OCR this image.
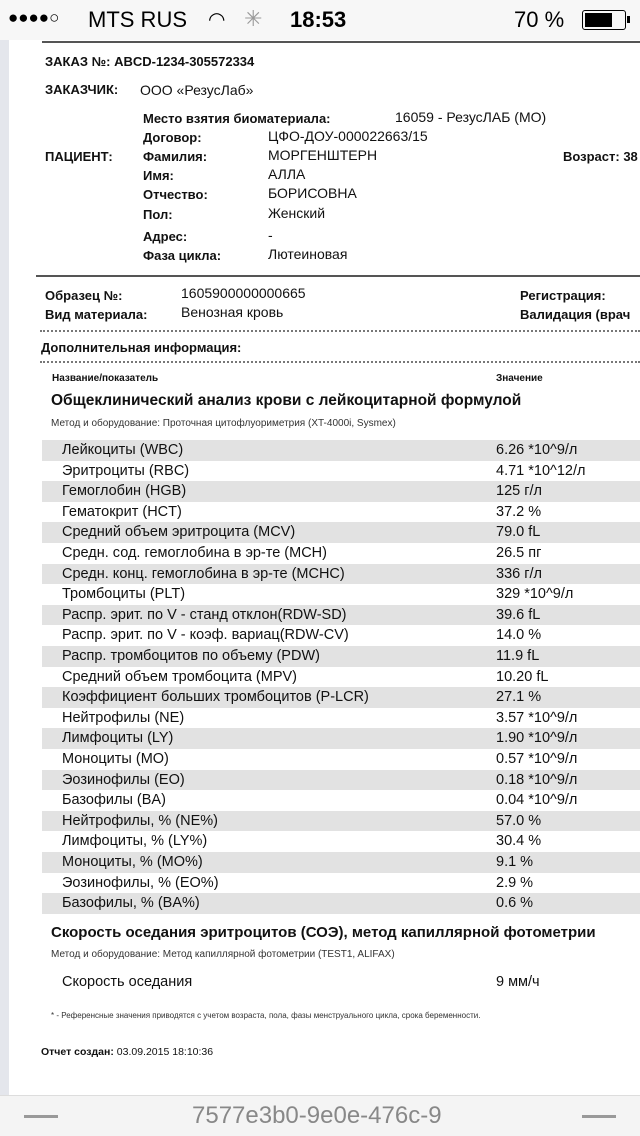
●●●●○ MTS RUS ◠ ✳ 18:53	70 %
ЗАКАЗ №: ABCD-1234-305572334
ЗАКАЗЧИК: ООО «РезусЛаб»
ПАЦИЕНТ:
Место взятия биоматериала:	16059 - РезусЛАБ (МО)
Договор:	ЦФО-ДОУ-000022663/15
Фамилия:	МОРГЕНШТЕРН
Имя:	АЛЛА
Отчество:	БОРИСОВНА
Пол:	Женский
Адрес:	-
Фаза цикла:	Лютеиновая
Возраст: 38
Образец №:	1605900000000665
Вид материала: Венозная кровь
Регистрация:
Валидация (врач
Дополнительная информация:
Название/показатель	Значение
Общеклинический анализ крови с лейкоцитарной формулой
Метод и оборудование: Проточная цитофлуориметрия (XT-4000i, Sysmex)
Лейкоциты (WBC)	6.26 *10^9/л
Эритроциты (RBC)	4.71 *10^12/л
Гемоглобин (HGB)	125 г/л
Гематокрит (HCT)	37.2 %
Средний объем эритроцита (MCV)	79.0 fL
Средн. сод. гемоглобина в эр-те (MCH)	26.5 пг
Средн. конц. гемоглобина в эр-те (MCHC)	336 г/л
Тромбоциты (PLT)	329 *10^9/л
Распр. эрит. по V - станд отклон(RDW-SD)	39.6 fL
Распр. эрит. по V - коэф. вариац(RDW-CV)	14.0 %
Распр. тромбоцитов по объему (PDW)	11.9 fL
Средний объем тромбоцита (MPV)	10.20 fL
Коэффициент больших тромбоцитов (P-LCR)	27.1 %
Нейтрофилы (NE)	3.57 *10^9/л
Лимфоциты (LY)	1.90 *10^9/л
Моноциты (MO)	0.57 *10^9/л
Эозинофилы (EO)	0.18 *10^9/л
Базофилы (BA)	0.04 *10^9/л
Нейтрофилы, % (NE%)	57.0 %
Лимфоциты, % (LY%)	30.4 %
Моноциты, % (MO%)	9.1 %
Эозинофилы, % (EO%)	2.9 %
Базофилы, % (BA%)	0.6 %
Скорость оседания эритроцитов (СОЭ), метод капиллярной фотометрии
Метод и оборудование: Метод капиллярной фотометрии (TEST1, ALIFAX)
Скорость оседания	9 мм/ч
* - Референсные значения приводятся с учетом возраста, пола, фазы менструального цикла, срока беременности.
Отчет создан: 03.09.2015 18:10:36
7577e3b0-9e0e-476c-9
